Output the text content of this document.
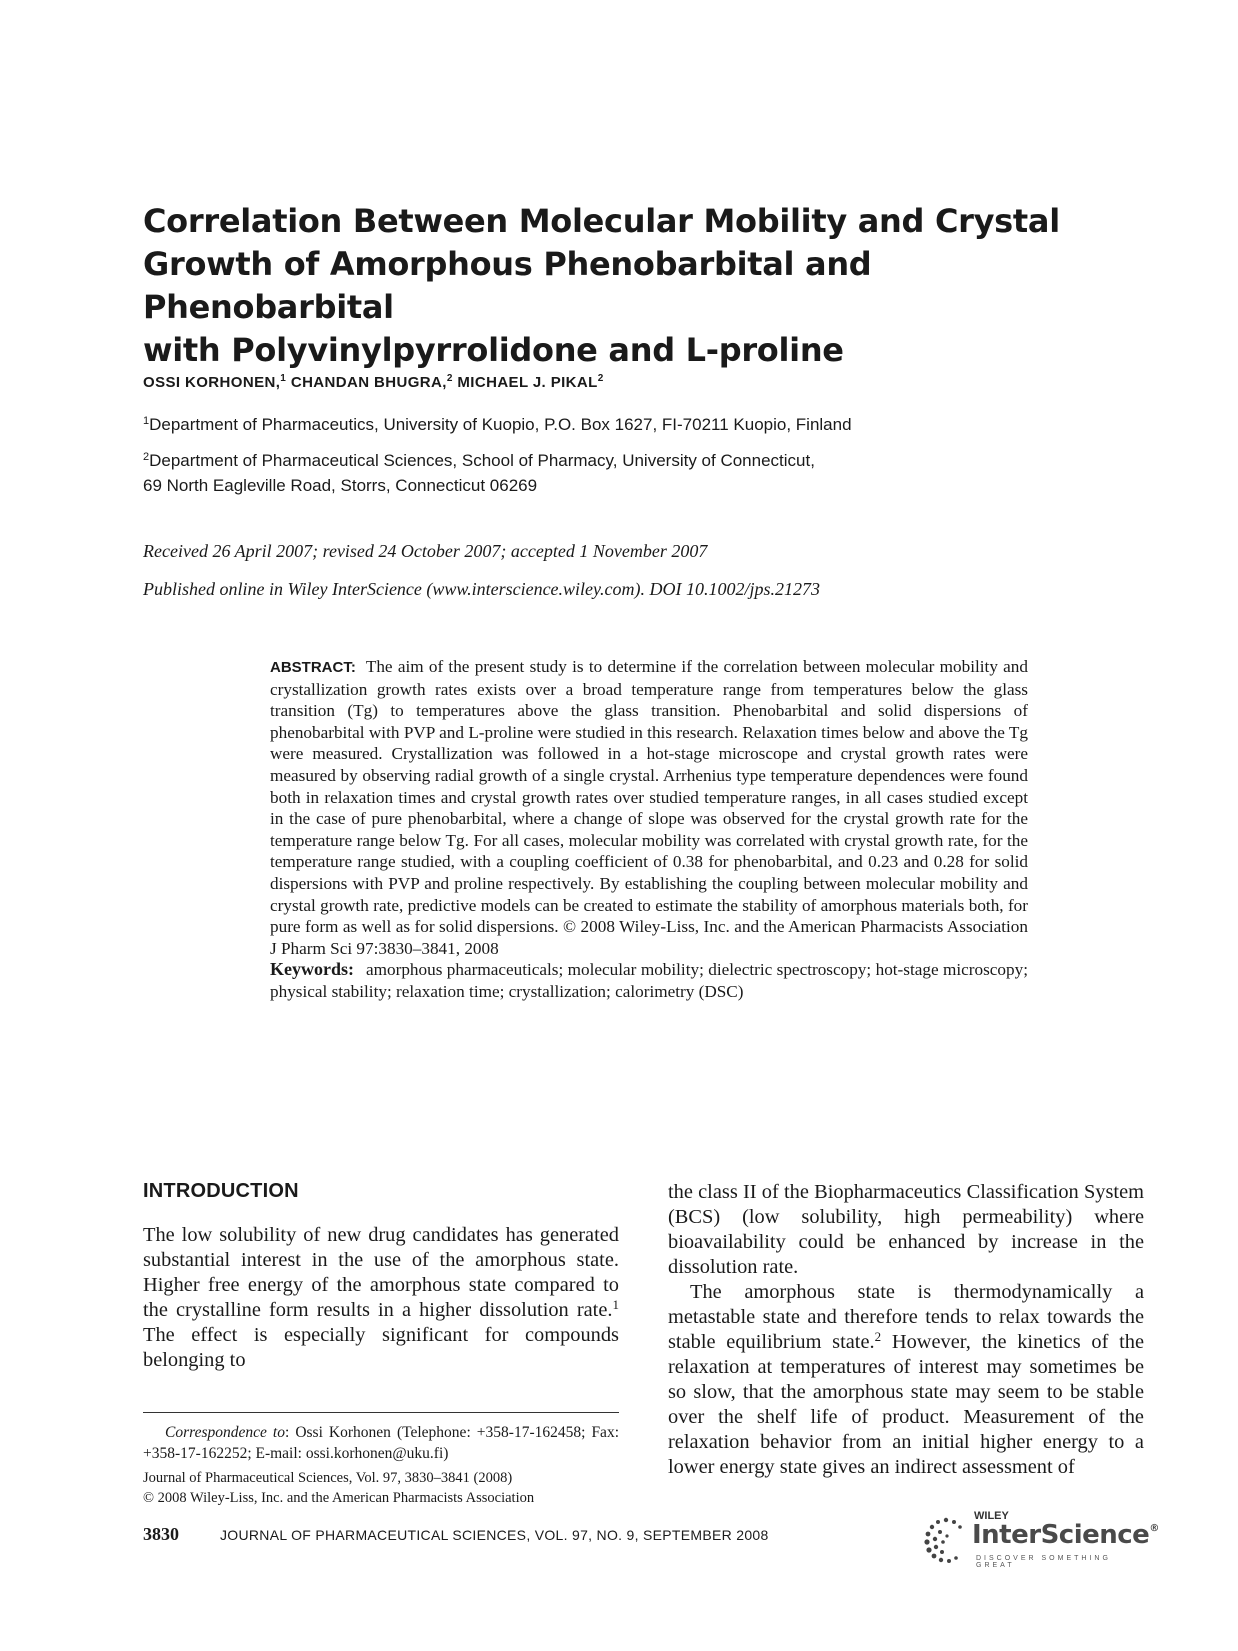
Correlation Between Molecular Mobility and Crystal
Growth of Amorphous Phenobarbital and Phenobarbital
with Polyvinylpyrrolidone and L-proline
OSSI KORHONEN,$^1$ CHANDAN BHUGRA,$^2$ MICHAEL J. PIKAL$^2$
$^1$Department of Pharmaceutics, University of Kuopio, P.O. Box 1627, FI-70211 Kuopio, Finland
$^2$Department of Pharmaceutical Sciences, School of Pharmacy, University of Connecticut,
69 North Eagleville Road, Storrs, Connecticut 06269
Received 26 April 2007; revised 24 October 2007; accepted 1 November 2007
Published online in Wiley InterScience (www.interscience.wiley.com). DOI 10.1002/jps.21273

ABSTRACT: The aim of the present study is to determine if the correlation between molecular mobility and crystallization growth rates exists over a broad temperature range from temperatures below the glass transition (Tg) to temperatures above the glass transition. Phenobarbital and solid dispersions of phenobarbital with PVP and L-proline were studied in this research. Relaxation times below and above the Tg were measured. Crystallization was followed in a hot-stage microscope and crystal growth rates were measured by observing radial growth of a single crystal. Arrhenius type temperature dependences were found both in relaxation times and crystal growth rates over studied temperature ranges, in all cases studied except in the case of pure phenobarbital, where a change of slope was observed for the crystal growth rate for the temperature range below Tg. For all cases, molecular mobility was correlated with crystal growth rate, for the temperature range studied, with a coupling coefficient of 0.38 for phenobarbital, and 0.23 and 0.28 for solid dispersions with PVP and proline respectively. By establishing the coupling between molecular mobility and crystal growth rate, predictive models can be created to estimate the stability of amorphous materials both, for pure form as well as for solid dispersions. © 2008 Wiley-Liss, Inc. and the American Pharmacists Association J Pharm Sci 97:3830–3841, 2008

Keywords: amorphous pharmaceuticals; molecular mobility; dielectric spectroscopy; hot-stage microscopy; physical stability; relaxation time; crystallization; calorimetry (DSC)

INTRODUCTION

The low solubility of new drug candidates has generated substantial interest in the use of the amorphous state. Higher free energy of the amorphous state compared to the crystalline form results in a higher dissolution rate.$^1$ The effect is especially significant for compounds belonging to

the class II of the Biopharmaceutics Classification System (BCS) (low solubility, high permeability) where bioavailability could be enhanced by increase in the dissolution rate.

The amorphous state is thermodynamically a metastable state and therefore tends to relax towards the stable equilibrium state.$^2$ However, the kinetics of the relaxation at temperatures of interest may sometimes be so slow, that the amorphous state may seem to be stable over the shelf life of product. Measurement of the relaxation behavior from an initial higher energy to a lower energy state gives an indirect assessment of

Correspondence to: Ossi Korhonen (Telephone: +358-17-162458; Fax: +358-17-162252; E-mail: ossi.korhonen@uku.fi)
Journal of Pharmaceutical Sciences, Vol. 97, 3830–3841 (2008)
© 2008 Wiley-Liss, Inc. and the American Pharmacists Association
3830	JOURNAL OF PHARMACEUTICAL SCIENCES, VOL. 97, NO. 9, SEPTEMBER 2008
WILEY
InterScience®
DISCOVER SOMETHING GREAT
